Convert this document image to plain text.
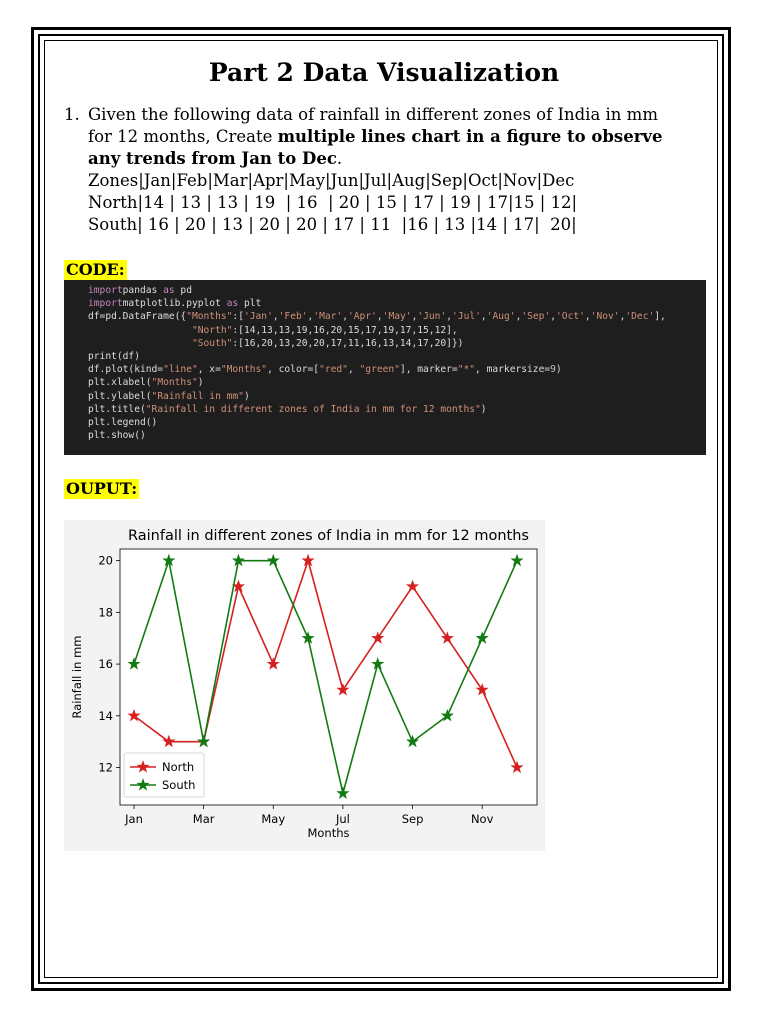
Part 2 Data Visualization
1. Given the following data of rainfall in different zones of India in mm
for 12 months, Create multiple lines chart in a figure to observe
any trends from Jan to Dec.
Zones|Jan|Feb|Mar|Apr|May|Jun|Jul|Aug|Sep|Oct|Nov|Dec
North|14 | 13 | 13 | 19  | 16  | 20 | 15 | 17 | 19 | 17|15 | 12|
South| 16 | 20 | 13 | 20 | 20 | 17 | 11  |16 | 13 |14 | 17|  20|
CODE:
importpandas as pd
importmatplotlib.pyplot as plt
df=pd.DataFrame({"Months":['Jan','Feb','Mar','Apr','May','Jun','Jul','Aug','Sep','Oct','Nov','Dec'],
"North":[14,13,13,19,16,20,15,17,19,17,15,12],
"South":[16,20,13,20,20,17,11,16,13,14,17,20]})
print(df)
df.plot(kind="line", x="Months", color=["red", "green"], marker="*", markersize=9)
plt.xlabel("Months")
plt.ylabel("Rainfall in mm")
plt.title("Rainfall in different zones of India in mm for 12 months")
plt.legend()
plt.show()
OUPUT:
Rainfall in different zones of India in mm for 12 months
12
14
16
18
20
Jan	Mar	May	Jul	Sep	Nov
Months
Rainfall in mm
North
South
